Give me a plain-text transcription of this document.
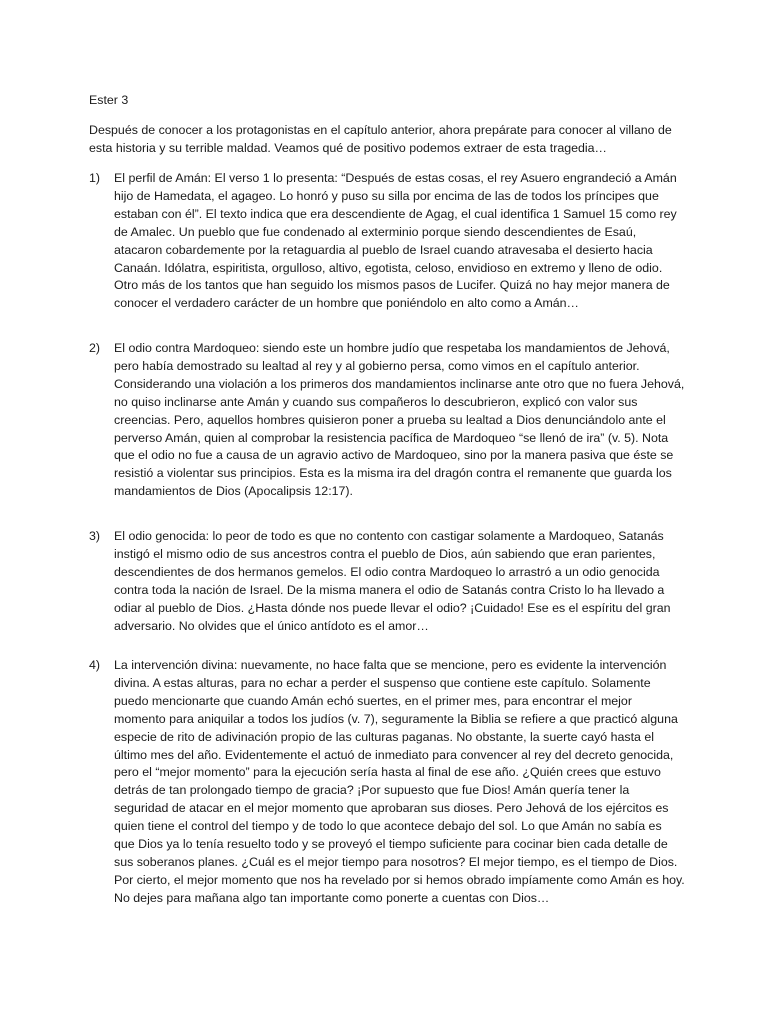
Ester 3

Después de conocer a los protagonistas en el capítulo anterior, ahora prepárate para conocer al villano de esta historia y su terrible maldad. Veamos qué de positivo podemos extraer de esta tragedia…

1)	El perfil de Amán: El verso 1 lo presenta: “Después de estas cosas, el rey Asuero engrandeció a Amán hijo de Hamedata, el agageo. Lo honró y puso su silla por encima de las de todos los príncipes que estaban con él”. El texto indica que era descendiente de Agag, el cual identifica 1 Samuel 15 como rey de Amalec. Un pueblo que fue condenado al exterminio porque siendo descendientes de Esaú, atacaron cobardemente por la retaguardia al pueblo de Israel cuando atravesaba el desierto hacia Canaán. Idólatra, espiritista, orgulloso, altivo, egotista, celoso, envidioso en extremo y lleno de odio. Otro más de los tantos que han seguido los mismos pasos de Lucifer. Quizá no hay mejor manera de conocer el verdadero carácter de un hombre que poniéndolo en alto como a Amán…

2)	El odio contra Mardoqueo: siendo este un hombre judío que respetaba los mandamientos de Jehová, pero había demostrado su lealtad al rey y al gobierno persa, como vimos en el capítulo anterior. Considerando una violación a los primeros dos mandamientos inclinarse ante otro que no fuera Jehová, no quiso inclinarse ante Amán y cuando sus compañeros lo descubrieron, explicó con valor sus creencias. Pero, aquellos hombres quisieron poner a prueba su lealtad a Dios denunciándolo ante el perverso Amán, quien al comprobar la resistencia pacífica de Mardoqueo “se llenó de ira” (v. 5). Nota que el odio no fue a causa de un agravio activo de Mardoqueo, sino por la manera pasiva que éste se resistió a violentar sus principios. Esta es la misma ira del dragón contra el remanente que guarda los mandamientos de Dios (Apocalipsis 12:17).

3)	El odio genocida: lo peor de todo es que no contento con castigar solamente a Mardoqueo, Satanás instigó el mismo odio de sus ancestros contra el pueblo de Dios, aún sabiendo que eran parientes, descendientes de dos hermanos gemelos. El odio contra Mardoqueo lo arrastró a un odio genocida contra toda la nación de Israel. De la misma manera el odio de Satanás contra Cristo lo ha llevado a odiar al pueblo de Dios. ¿Hasta dónde nos puede llevar el odio? ¡Cuidado! Ese es el espíritu del gran adversario. No olvides que el único antídoto es el amor…

4)	La intervención divina: nuevamente, no hace falta que se mencione, pero es evidente la intervención divina. A estas alturas, para no echar a perder el suspenso que contiene este capítulo. Solamente puedo mencionarte que cuando Amán echó suertes, en el primer mes, para encontrar el mejor momento para aniquilar a todos los judíos (v. 7), seguramente la Biblia se refiere a que practicó alguna especie de rito de adivinación propio de las culturas paganas. No obstante, la suerte cayó hasta el último mes del año. Evidentemente el actuó de inmediato para convencer al rey del decreto genocida, pero el “mejor momento” para la ejecución sería hasta al final de ese año. ¿Quién crees que estuvo detrás de tan prolongado tiempo de gracia? ¡Por supuesto que fue Dios! Amán quería tener la seguridad de atacar en el mejor momento que aprobaran sus dioses. Pero Jehová de los ejércitos es quien tiene el control del tiempo y de todo lo que acontece debajo del sol. Lo que Amán no sabía es que Dios ya lo tenía resuelto todo y se proveyó el tiempo suficiente para cocinar bien cada detalle de sus soberanos planes. ¿Cuál es el mejor tiempo para nosotros? El mejor tiempo, es el tiempo de Dios. Por cierto, el mejor momento que nos ha revelado por si hemos obrado impíamente como Amán es hoy. No dejes para mañana algo tan importante como ponerte a cuentas con Dios…
